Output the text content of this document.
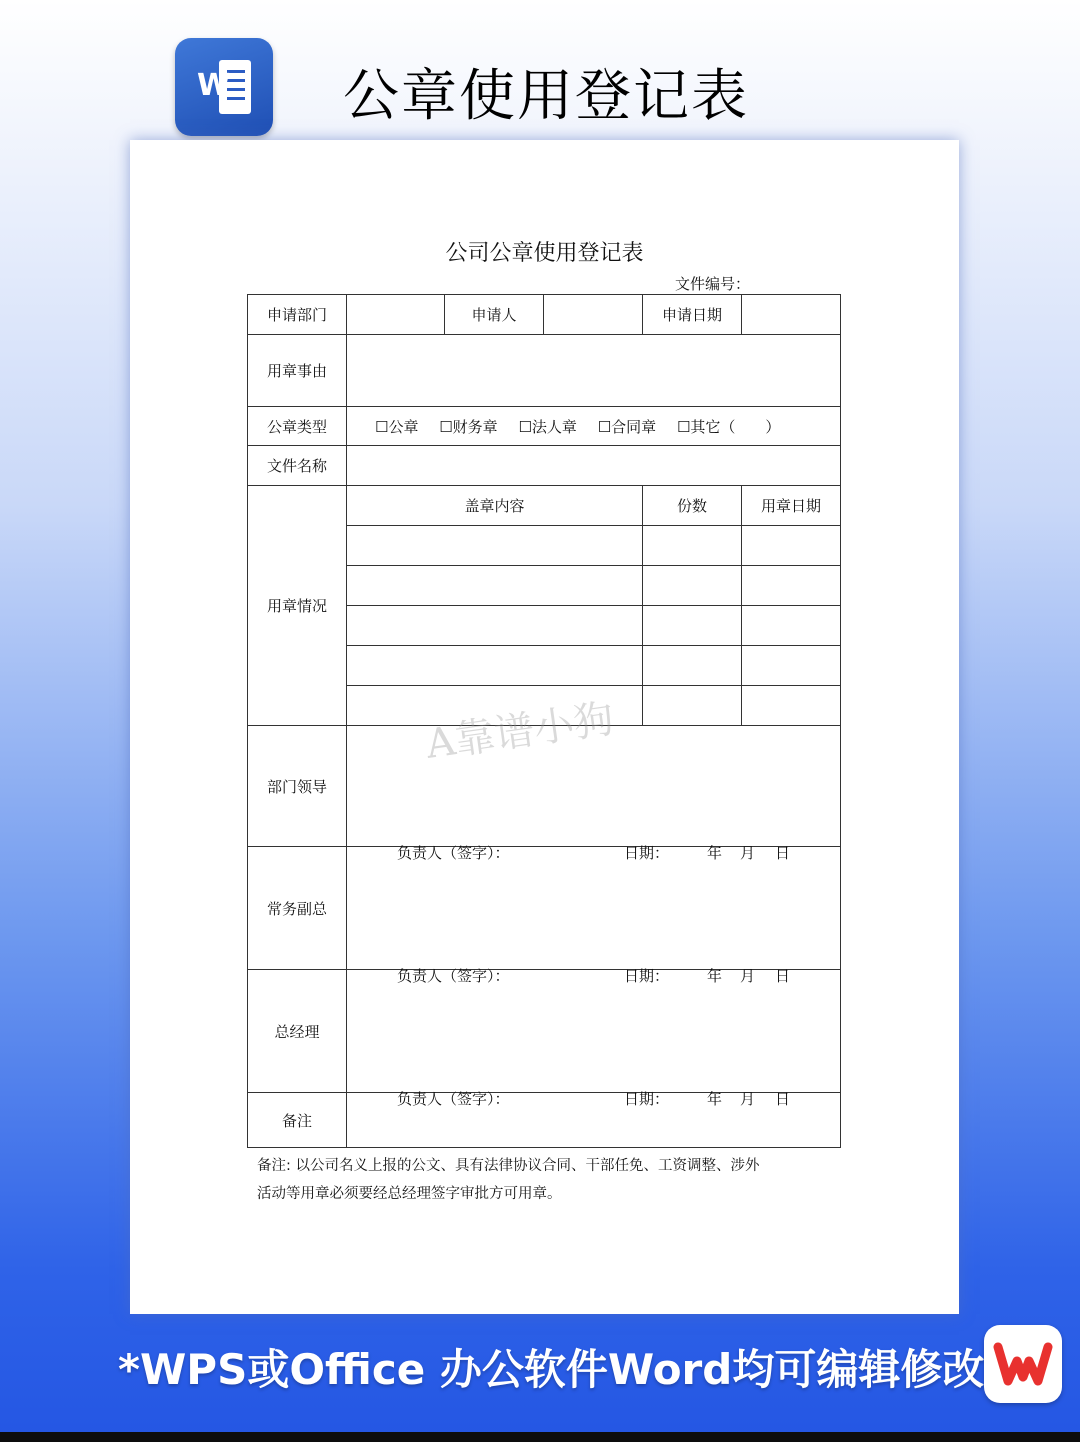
W 公章使用登记表
公司公章使用登记表
文件编号：
申请部门		申请人		申请日期	
用章事由					
公章类型	☐公章 ☐财务章 ☐法人章 ☐合同章 ☐其它（　　）				
文件名称					
用章情况	盖章内容			份数	用章日期

部门领导	负责人（签字）： 日期： 年 月 日				

常务副总	负责人（签字）： 日期： 年 月 日				

总经理	负责人（签字）： 日期： 年 月 日				

备注					
备注: 以公司名义上报的公文、具有法律协议合同、干部任免、工资调整、涉外
活动等用章必须要经总经理签字审批方可用章。
A靠谱小狗
*WPS或Office 办公软件Word均可编辑修改
